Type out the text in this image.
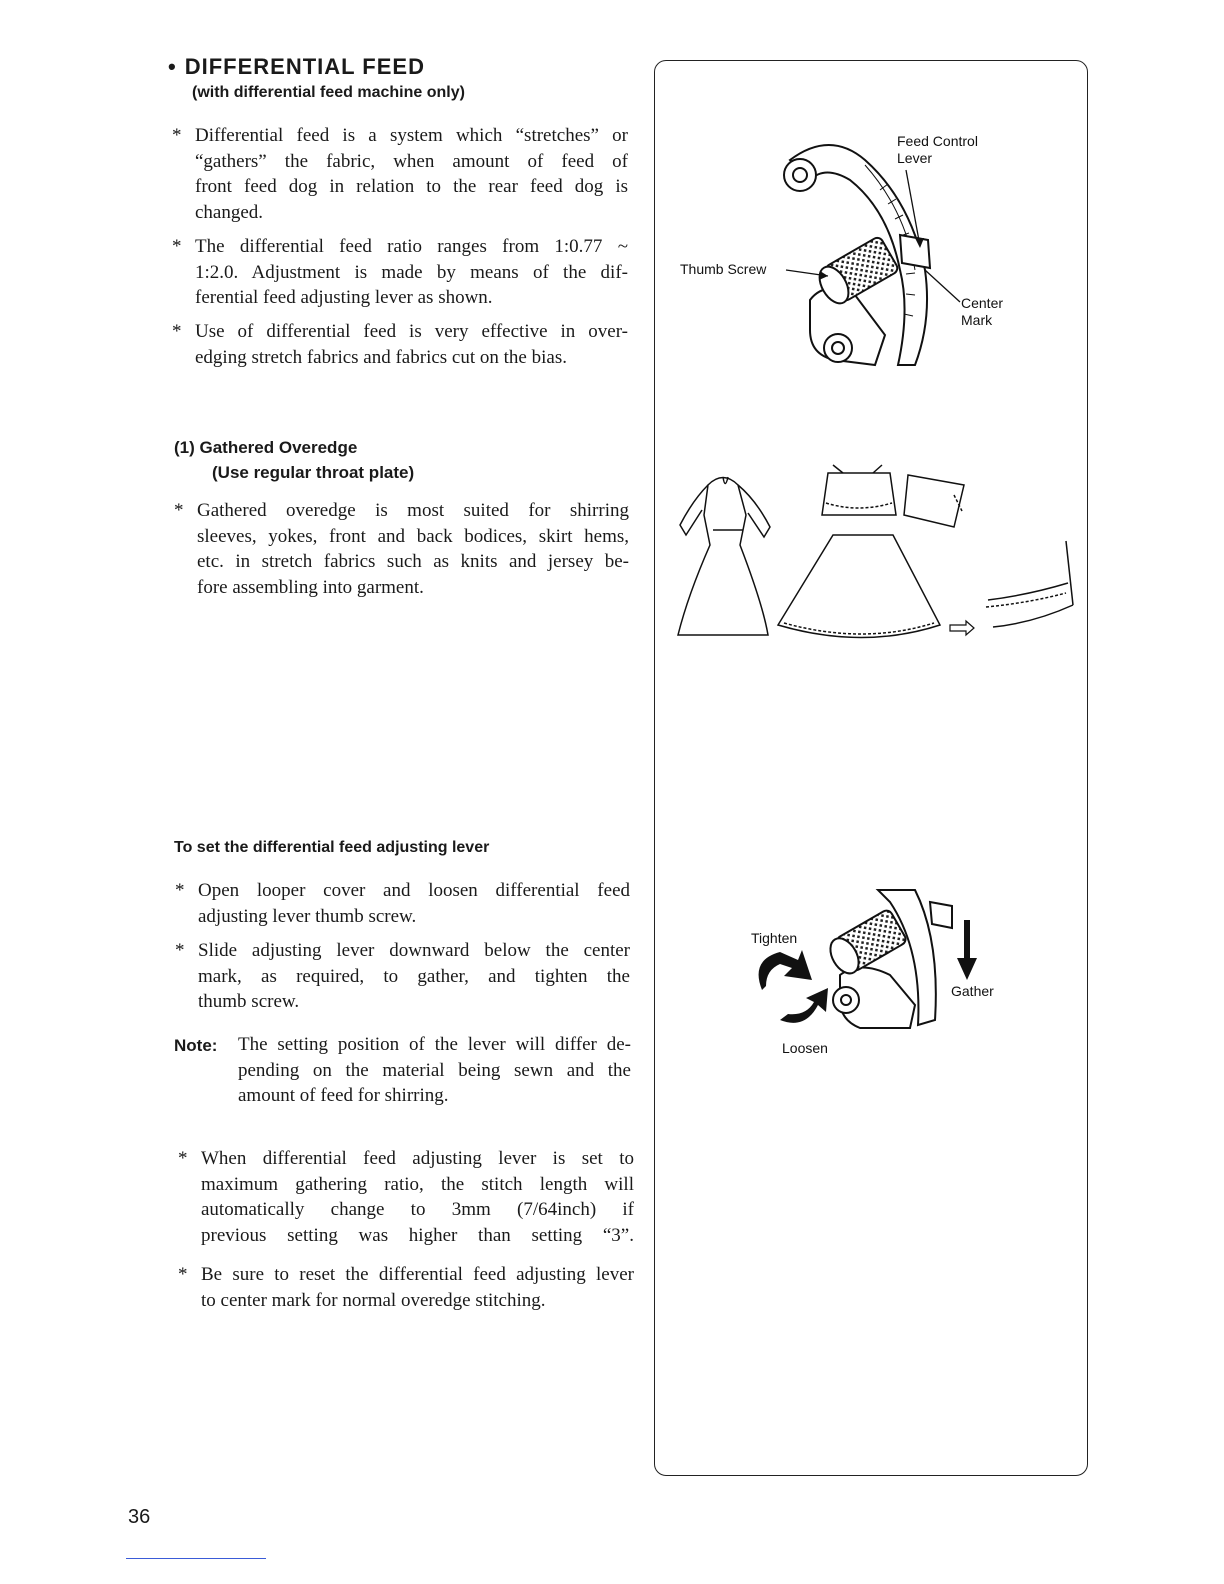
• DIFFERENTIAL FEED
(with differential feed machine only)
* Differential feed is a system which “stretches” or
“gathers” the fabric, when amount of feed of
front feed dog in relation to the rear feed dog is
changed.
* The differential feed ratio ranges from 1:0.77 ~
1:2.0. Adjustment is made by means of the dif-
ferential feed adjusting lever as shown.
* Use of differential feed is very effective in over-
edging stretch fabrics and fabrics cut on the bias.
(1) Gathered Overedge
(Use regular throat plate)
* Gathered overedge is most suited for shirring
sleeves, yokes, front and back bodices, skirt hems,
etc. in stretch fabrics such as knits and jersey be-
fore assembling into garment.
To set the differential feed adjusting lever
* Open looper cover and loosen differential feed
adjusting lever thumb screw.
* Slide adjusting lever downward below the center
mark, as required, to gather, and tighten the
thumb screw.
Note: The setting position of the lever will differ de-
pending on the material being sewn and the
amount of feed for shirring.
* When differential feed adjusting lever is set to
maximum gathering ratio, the stitch length will
automatically change to 3mm (7/64inch) if
previous setting was higher than setting “3”.
* Be sure to reset the differential feed adjusting lever
to center mark for normal overedge stitching.
Feed Control
Lever
Thumb Screw
Center
Mark
Tighten
Loosen
Gather
36
